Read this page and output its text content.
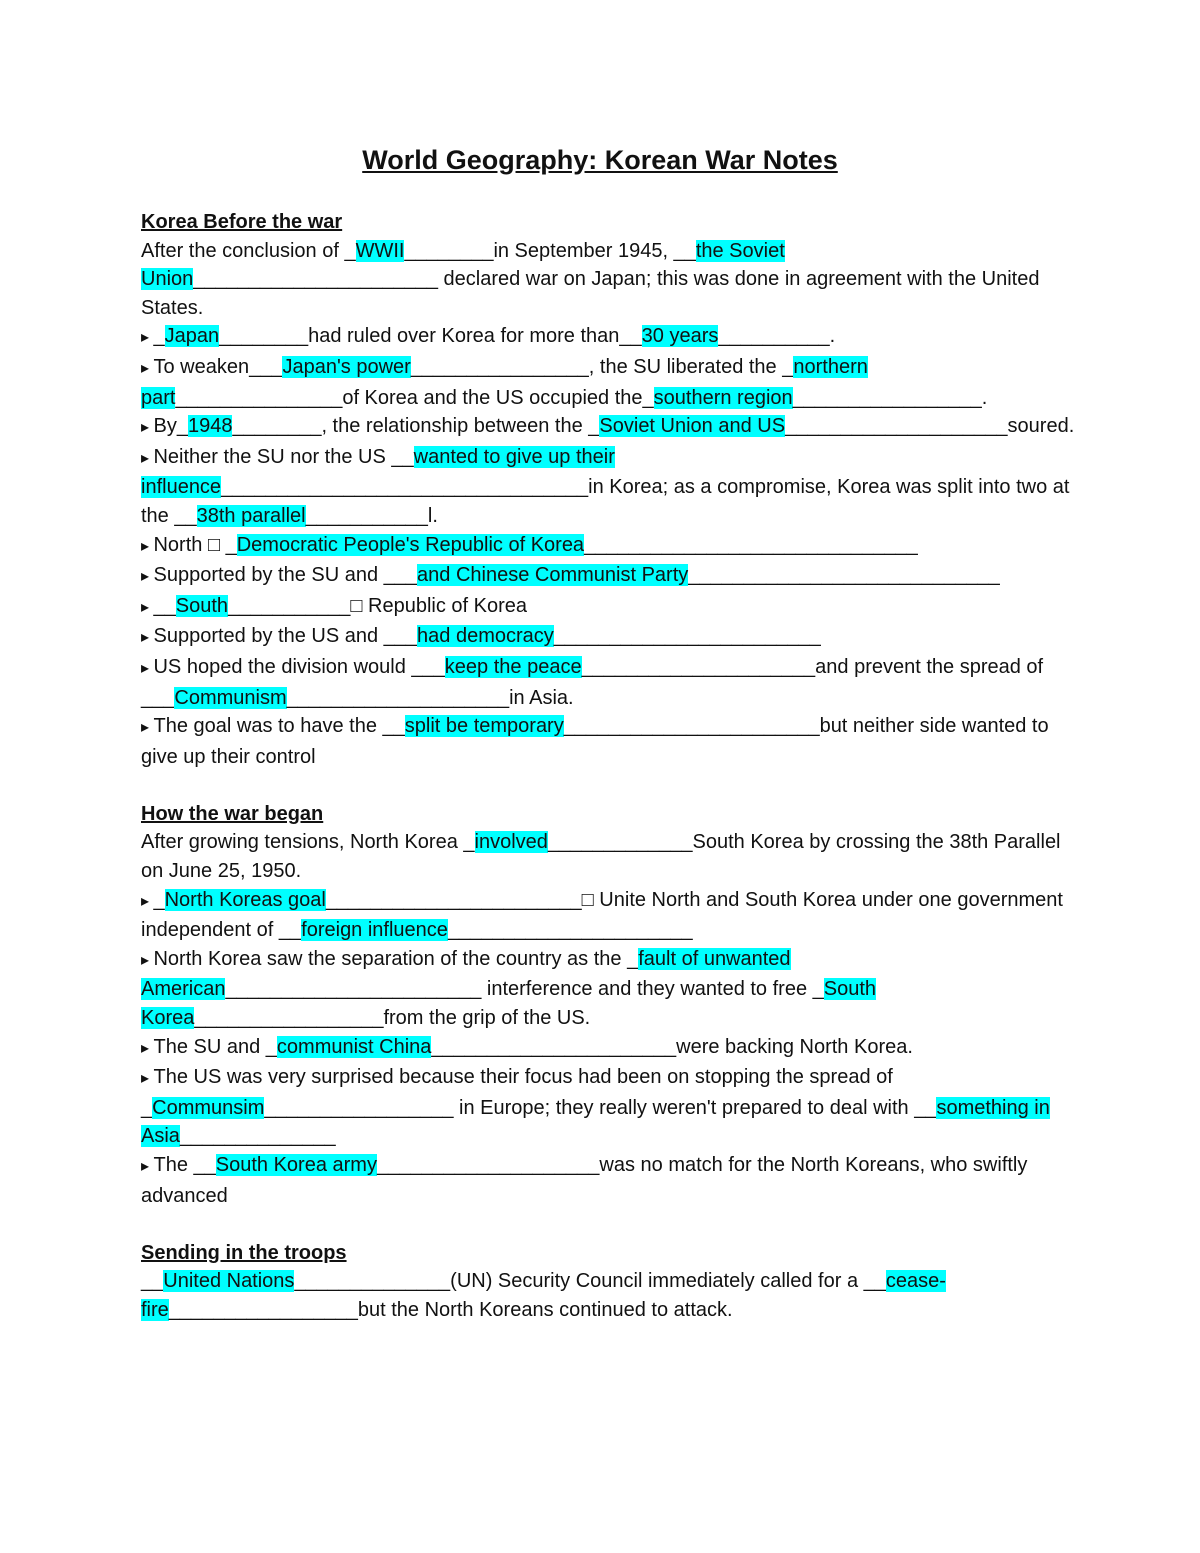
World Geography: Korean War Notes

Korea Before the war

After the conclusion of _WWII________in September 1945, __the Soviet Union______________________ declared war on Japan; this was done in agreement with the United States.

▸ _Japan________had ruled over Korea for more than__30 years__________.

▸ To weaken___Japan's power________________, the SU liberated the _northern part_______________of Korea and the US occupied the_southern region_________________.

▸ By_1948________, the relationship between the _Soviet Union and US____________________soured.

▸ Neither the SU nor the US __wanted to give up their influence_________________________________in Korea; as a compromise, Korea was split into two at the __38th parallel___________l.

▸ North □ _Democratic People's Republic of Korea______________________________

▸ Supported by the SU and ___and Chinese Communist Party____________________________

▸ __South___________□ Republic of Korea

▸ Supported by the US and ___had democracy________________________

▸ US hoped the division would ___keep the peace_____________________and prevent the spread of ___Communism____________________in Asia.

▸ The goal was to have the __split be temporary_______________________but neither side wanted to give up their control

How the war began

After growing tensions, North Korea _involved_____________South Korea by crossing the 38th Parallel on June 25, 1950.

▸ _North Koreas goal_______________________□ Unite North and South Korea under one government independent of __foreign influence______________________

▸ North Korea saw the separation of the country as the _fault of unwanted American_______________________ interference and they wanted to free _South Korea_________________from the grip of the US.

▸ The SU and _communist China______________________were backing North Korea.

▸ The US was very surprised because their focus had been on stopping the spread of _Communsim_________________ in Europe; they really weren't prepared to deal with __something in Asia______________

▸ The __South Korea army____________________was no match for the North Koreans, who swiftly advanced

Sending in the troops

__United Nations______________(UN) Security Council immediately called for a __cease-fire_________________but the North Koreans continued to attack.
